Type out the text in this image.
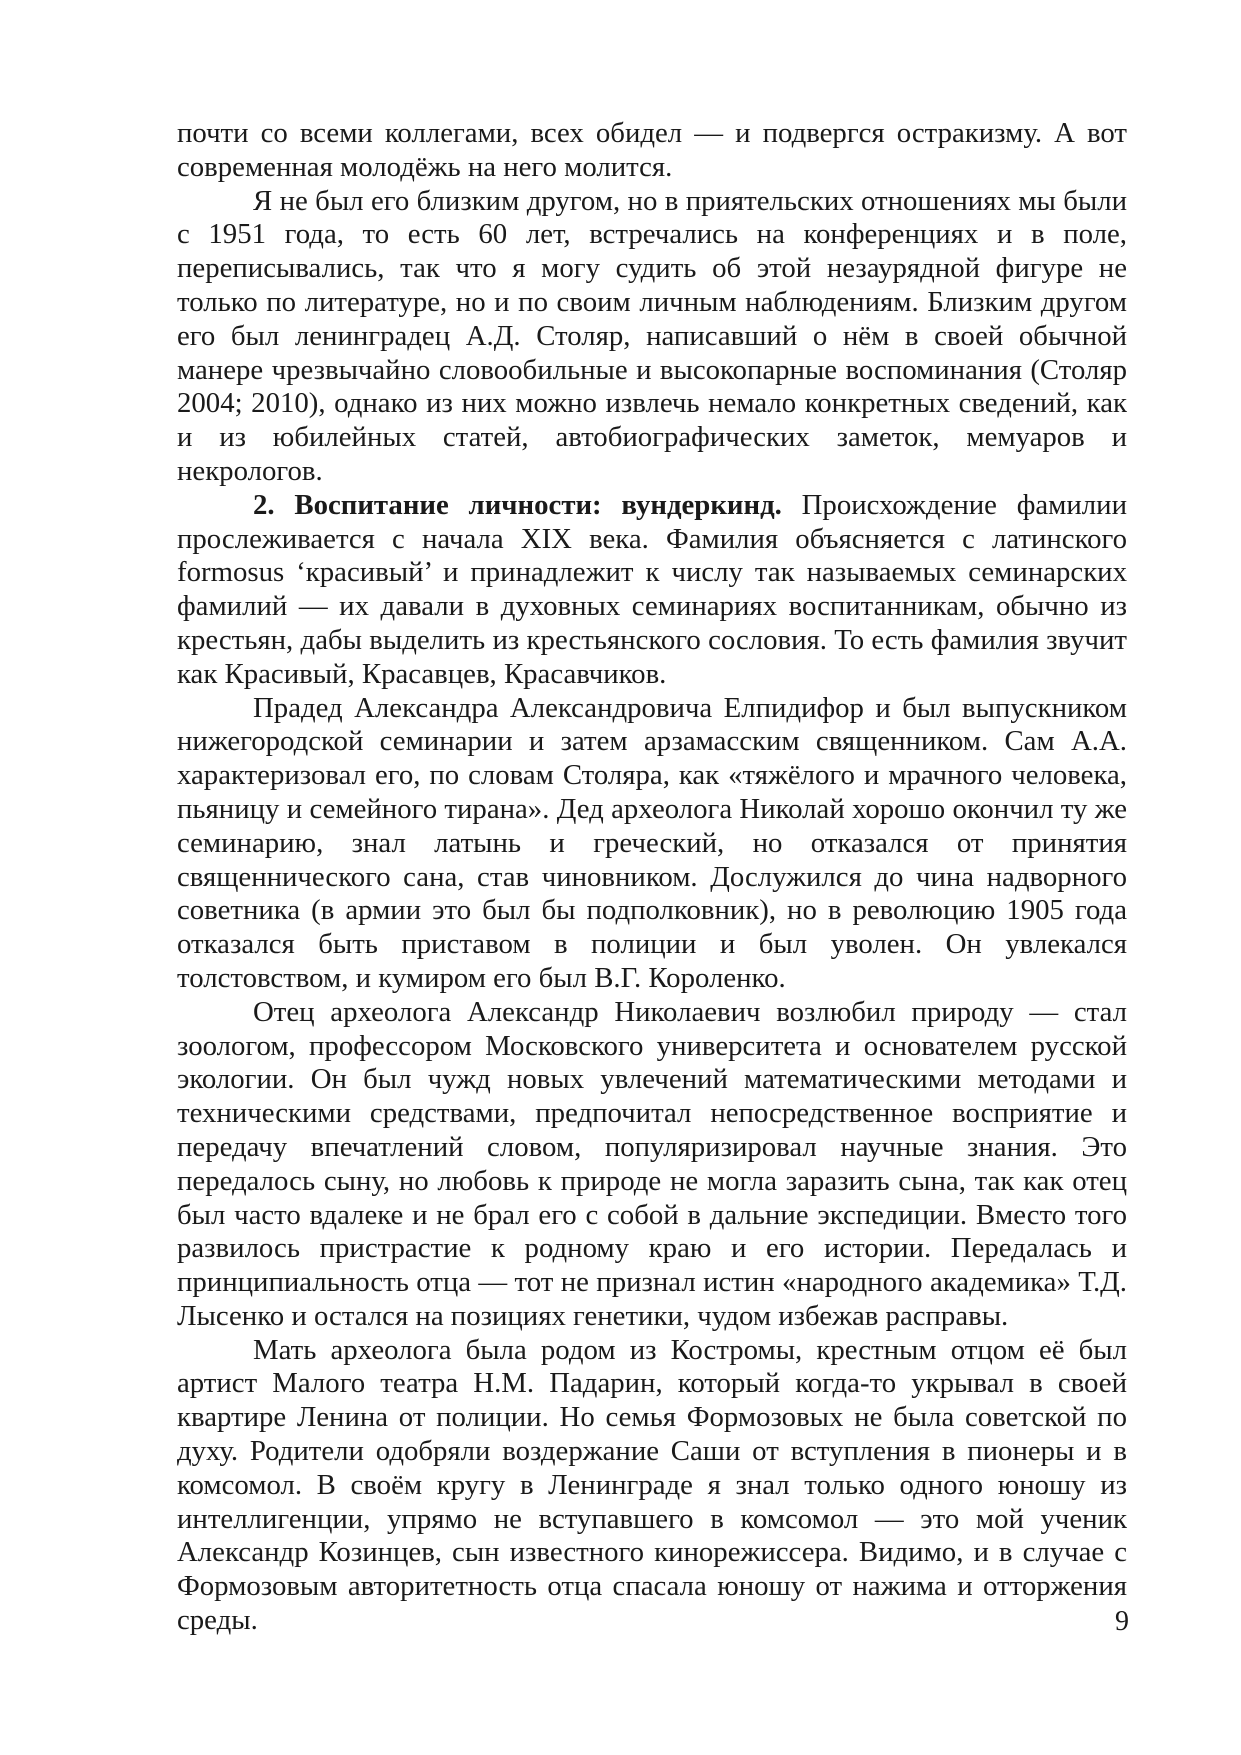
почти со всеми коллегами, всех обидел — и подвергся остракизму. А вот современная молодёжь на него молится.

Я не был его близким другом, но в приятельских отношениях мы были с 1951 года, то есть 60 лет, встречались на конференциях и в поле, переписывались, так что я могу судить об этой незаурядной фигуре не только по литературе, но и по своим личным наблюдениям. Близким другом его был ленинградец А.Д. Столяр, написавший о нём в своей обычной манере чрезвычайно словообильные и высокопарные воспоминания (Столяр 2004; 2010), однако из них можно извлечь немало конкретных сведений, как и из юбилейных статей, автобиографических заметок, мемуаров и некрологов.

2. Воспитание личности: вундеркинд. Происхождение фамилии прослеживается с начала XIX века. Фамилия объясняется с латинского formosus ‘красивый’ и принадлежит к числу так называемых семинарских фамилий — их давали в духовных семинариях воспитанникам, обычно из крестьян, дабы выделить из крестьянского сословия. То есть фамилия звучит как Красивый, Красавцев, Красавчиков.

Прадед Александра Александровича Елпидифор и был выпускником нижегородской семинарии и затем арзамасским священником. Сам А.А. характеризовал его, по словам Столяра, как «тяжёлого и мрачного человека, пьяницу и семейного тирана». Дед археолога Николай хорошо окончил ту же семинарию, знал латынь и греческий, но отказался от принятия священнического сана, став чиновником. Дослужился до чина надворного советника (в армии это был бы подполковник), но в революцию 1905 года отказался быть приставом в полиции и был уволен. Он увлекался толстовством, и кумиром его был В.Г. Короленко.

Отец археолога Александр Николаевич возлюбил природу — стал зоологом, профессором Московского университета и основателем русской экологии. Он был чужд новых увлечений математическими методами и техническими средствами, предпочитал непосредственное восприятие и передачу впечатлений словом, популяризировал научные знания. Это передалось сыну, но любовь к природе не могла заразить сына, так как отец был часто вдалеке и не брал его с собой в дальние экспедиции. Вместо того развилось пристрастие к родному краю и его истории. Передалась и принципиальность отца — тот не признал истин «народного академика» Т.Д. Лысенко и остался на позициях генетики, чудом избежав расправы.

Мать археолога была родом из Костромы, крестным отцом её был артист Малого театра Н.М. Падарин, который когда-то укрывал в своей квартире Ленина от полиции. Но семья Формозовых не была советской по духу. Родители одобряли воздержание Саши от вступления в пионеры и в комсомол. В своём кругу в Ленинграде я знал только одного юношу из интеллигенции, упрямо не вступавшего в комсомол — это мой ученик Александр Козинцев, сын известного кинорежиссера. Видимо, и в случае с Формозовым авторитетность отца спасала юношу от нажима и отторжения среды.	9
